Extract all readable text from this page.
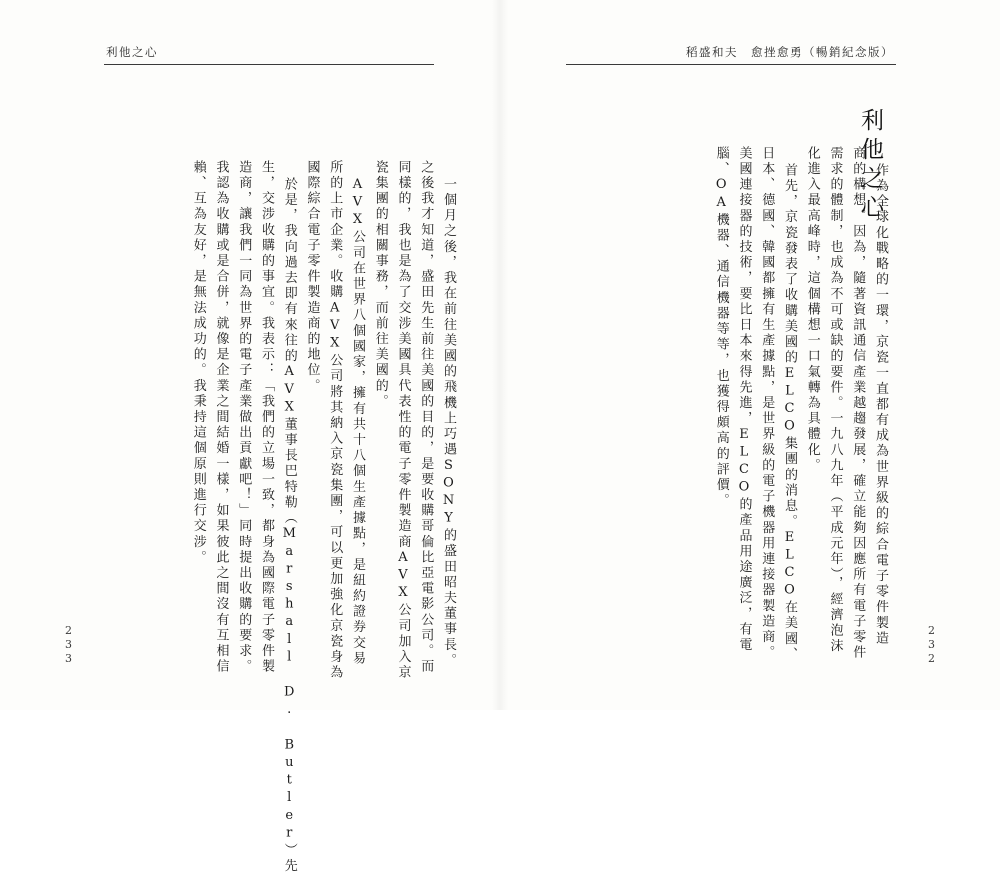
利他之心	稻盛和夫　愈挫愈勇（暢銷紀念版）
利他之心
作為全球化戰略的一環，京瓷一直都有成為世界級的綜合電子零件製造
商的構想。因為，隨著資訊通信產業越趨發展，確立能夠因應所有電子零件
需求的體制，也成為不可或缺的要件。一九八九年（平成元年），經濟泡沫
化進入最高峰時，這個構想一口氣轉為具體化。
首先，京瓷發表了收購美國的ELCO集團的消息。ELCO在美國、
日本、德國、韓國都擁有生產據點，是世界級的電子機器用連接器製造商。
美國連接器的技術，要比日本來得先進，ELCO的產品用途廣泛，有電
腦、OA機器、通信機器等等，也獲得頗高的評價。
一個月之後，我在前往美國的飛機上巧遇SONY的盛田昭夫董事長。
之後我才知道，盛田先生前往美國的目的，是要收購哥倫比亞電影公司。而
同樣的，我也是為了交涉美國具代表性的電子零件製造商AVX公司加入京
瓷集團的相關事務，而前往美國的。
AVX公司在世界八個國家，擁有共十八個生產據點，是紐約證券交易
所的上市企業。收購AVX公司將其納入京瓷集團，可以更加強化京瓷身為
國際綜合電子零件製造商的地位。
於是，我向過去即有來往的AVX董事長巴特勒（Marshall D. Butler）先
生，交涉收購的事宜。我表示：「我們的立場一致，都身為國際電子零件製
造商，讓我們一同為世界的電子產業做出貢獻吧！」同時提出收購的要求。
我認為收購或是合併，就像是企業之間結婚一樣，如果彼此之間沒有互相信
賴、互為友好，是無法成功的。我秉持這個原則進行交涉。
233	232
